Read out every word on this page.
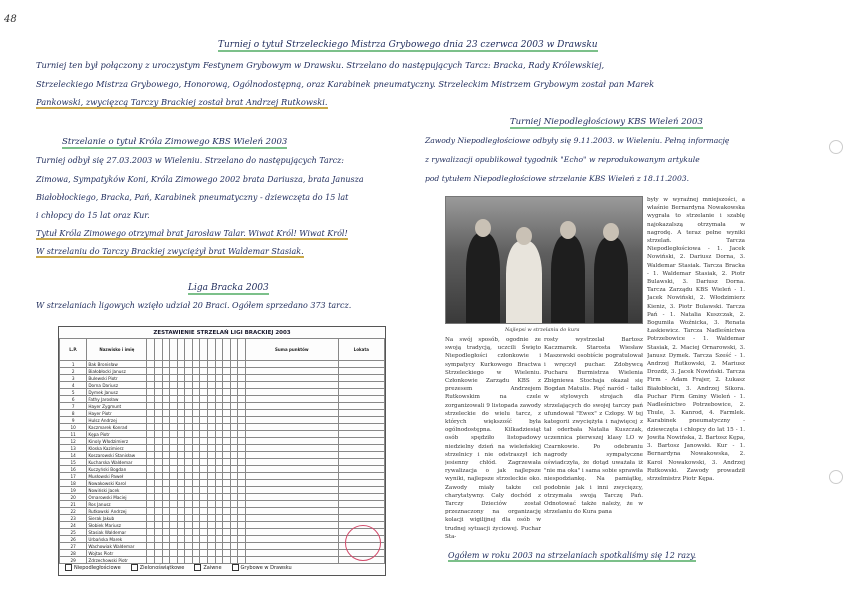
48
Turniej o tytuł Strzeleckiego Mistrza Grybowego dnia 23 czerwca 2003 w Drawsku
Turniej ten był połączony z uroczystym Festynem Grybowym w Drawsku. Strzelano do następujących Tarcz: Bracka, Rady Królewskiej,
Strzeleckiego Mistrza Grybowego, Honorową, Ogólnodostępną, oraz Karabinek pneumatyczny. Strzeleckim Mistrzem Grybowym został pan Marek
Pankowski, zwycięzcą Tarczy Brackiej został brat Andrzej Rutkowski.
Strzelanie o tytuł Króla Zimowego KBS Wieleń 2003
Turniej odbył się 27.03.2003 w Wieleniu. Strzelano do następujących Tarcz:
Zimowa, Sympatyków Koni, Króla Zimowego 2002 brata Dariusza, brata Janusza
Białobłockiego, Bracka, Pań, Karabinek pneumatyczny - dziewczęta do 15 lat
i chłopcy do 15 lat oraz Kur.
Tytuł Króla Zimowego otrzymał brat Jarosław Talar. Wiwat Król! Wiwat Król!
W strzelaniu do Tarczy Brackiej zwyciężył brat Waldemar Stasiak.
Liga Bracka 2003
W strzelaniach ligowych wzięło udział 20 Braci. Ogółem sprzedano 373 tarcz.
ZESTAWIENIE STRZELAŃ LIGI BRACKIEJ 2003
L.P.	Nazwisko i imię														Suma punktów	Lokata
1	Bak Bronisław															
2	Białobłocki Janusz															
3	Bulewski Piotr															
4	Dorna Dariusz															
5	Dymek Janusz															
6	Fathy Jarosław															
7	Hayer Zygmunt															
8	Hayer Piotr															
9	Hulsz Andrzej															
10	Kaczmarek Konrad															
11	Kępa Piotr															
12	Kinoly Włodzimierz															
13	Kloska Kazimierz															
14	Koszarowski Stanisław															
15	Kucharska Waldemar															
16	Kuczyński Bogdan															
17	Musłowski Paweł															
18	Nowakowski Karol															
19	Nowiński Jacek															
20	Ornarowski Maciej															
21	Ros Janusz															
22	Rutkowski Andrzej															
23	Sierak Jakub															
24	Słobiek Mariusz															
25	Stasiak Waldemar															
26	Urbańska Marek															
27	Wachowiak Waldemar															
28	Wojtas Piotr															
29	Zdrzechowski Piotr															
Niepodległościowe	Zielonoświątkowe	Zaiwne	Grybowe w Drawsku
Turniej Niepodległościowy KBS Wieleń 2003
Zawody Niepodległościowe odbyły się 9.11.2003. w Wieleniu. Pełną informację
z rywalizacji opublikował tygodnik "Echo" w reprodukowanym artykule
pod tytułem Niepodległościowe strzelanie KBS Wieleń z 18.11.2003.
Najlepsi w strzelaniu do kura

Na swój sposób, ogodnie ze swoją tradycją, uczcili Święto Niepodległości członkowie i sympatycy Kurkowego Bractwa Strzeleckiego w Wieleniu. Członkowie Zarządu KBS z prezesem Andrzejem Rutkowskim na czele zorganizowali 9 listopada zawody strzeleckie do wielu tarcz, z których większość była ogólnodostępna. Kilkadziesiąt osób spędziło listopadowy niedzielny dzień na wieleńskiej strzelnicy i nie odstraszył ich jesienny chłód. Zagrzewała rywalizacja o jak najlepsze wyniki, najlepsze strzeleckie oko. Zawody miały także cel charytatywny. Cały dochód z Tarczy Dzieciów został przeznaczony na organizację kolacji wigilijnej dla osób w trudnej sytuacji życiowej. Puchar Sta-

rosty wystrzelał Bartosz Kaczmarek. Starosta Wiesław Maszewski osobiście pogratulował i wręczył puchar. Zdobywcą Pucharu Burmistrza Wielenia Zbigniewa Stochaja okazał się Bogdan Matulis. Pięć naród - talki w stylowych strojach dla strzelających do swojej tarczy pań ufundował "Ewex" z Człopy. W tej kategorii zwyciężyła i najwięcej z tał oderbała Natalia Kuszczak, uczennica pierwszej klasy LO w Czarnkowie. Po odebraniu nagrody sympatyczne oświadczyła, że dotąd uważała iż "nie ma oka" i sama sobie sprawiła niespodziankę. Na pamiątkę, podobnie jak i inni zwycięzcy, otrzymała swoją Tarczę Pań. Odnotować także należy, że w strzelaniu do Kura pana

były w wyraźnej mniejszości, a właśnie Bernardyna Nowakowska wygrała to strzelanie i szablę najokazalszą otrzymała w nagrodę. A teraz pełne wyniki strzelań. Tarcza Niepodległościowa - 1. Jacek Nowiński, 2. Dariusz Dorna, 3. Waldemar Stasiak. Tarcza Bracka - 1. Waldemar Stasiak, 2. Piotr Bulawski, 3. Dariusz Dorna. Tarcza Zarządu KBS Wieleń - 1. Jacek Nowiński, 2. Włodzimierz Kieniz, 3. Piotr Bulawski. Tarcza Pań - 1. Natalia Kuszczak, 2. Bogumiła Woźnicka, 3. Renata Łaskiewicz. Tarcza Nadleśnictwa Potrzebowice - 1. Waldemar Stasiak, 2. Maciej Ornarowski, 3. Janusz Dymek. Tarcza Sześć - 1. Andrzej Rutkowski, 2. Mariusz Drozdż, 3. Jacek Nowiński. Tarcza Firm - Adam Frajer, 2. Łukasz Białobłocki, 3. Andrzej Sikora. Puchar Firm Gminy Wieleń - 1. Nadleśnictwo Potrzebowice, 2. Thule, 3. Kanrod, 4. Farmlek. Karabinek pneumatyczny - dziewczęta i chłopcy do lat 15 - 1. Jowita Nowińska, 2. Bartosz Kępa, 3. Bartosz Janowski. Kur - 1. Bernardyna Nowakowska, 2. Karol Nowakowski, 3. Andrzej Rutkowski. Zawody prowadził strzelmistrz Piotr Kępa.

Ogółem w roku 2003 na strzelaniach spotkaliśmy się 12 razy.
